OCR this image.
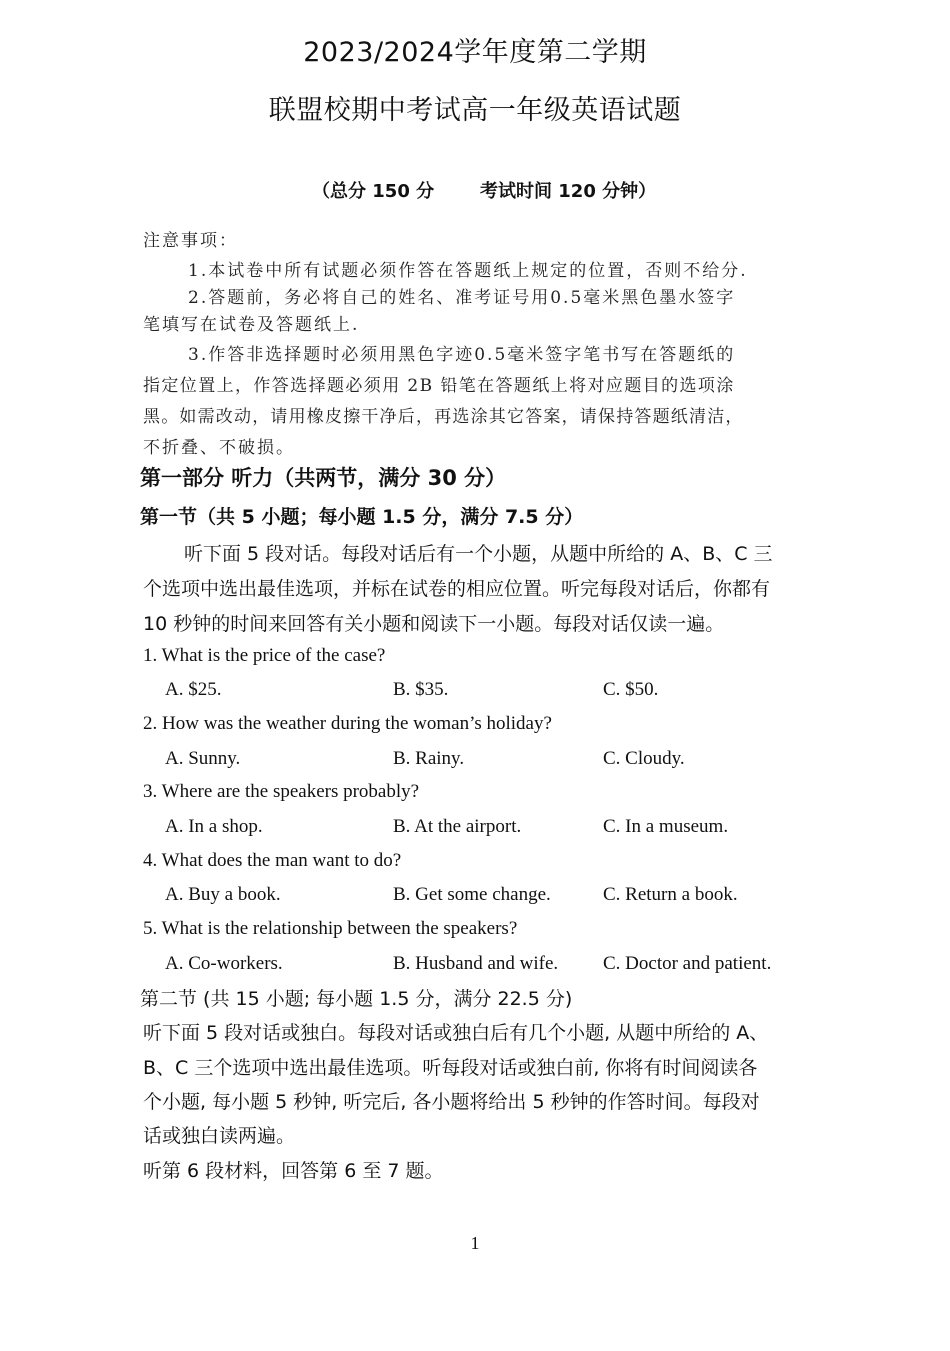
2023/2024学年度第二学期
联盟校期中考试高一年级英语试题
（总分 150 分	考试时间 120 分钟）
注意事项：
1.本试卷中所有试题必须作答在答题纸上规定的位置，否则不给分.
2.答题前，务必将自己的姓名、准考证号用0.5毫米黑色墨水签字
笔填写在试卷及答题纸上.
3.作答非选择题时必须用黑色字迹0.5毫米签字笔书写在答题纸的
指定位置上，作答选择题必须用 2B 铅笔在答题纸上将对应题目的选项涂
黑。如需改动，请用橡皮擦干净后，再选涂其它答案，请保持答题纸清洁，
不折叠、不破损。
第一部分 听力（共两节，满分 30 分）
第一节（共 5 小题；每小题 1.5 分，满分 7.5 分）
听下面 5 段对话。每段对话后有一个小题，从题中所给的 A、B、C 三
个选项中选出最佳选项，并标在试卷的相应位置。听完每段对话后，你都有
10 秒钟的时间来回答有关小题和阅读下一小题。每段对话仅读一遍。
1. What is the price of the case?
A. $25.	B. $35.	C. $50.
2. How was the weather during the woman’s holiday?
A. Sunny.	B. Rainy.	C. Cloudy.
3. Where are the speakers probably?
A. In a shop.	B. At the airport.	C. In a museum.
4. What does the man want to do?
A. Buy a book.	B. Get some change.	C. Return a book.
5. What is the relationship between the speakers?
A. Co-workers.	B. Husband and wife. C. Doctor and patient.
第二节 (共 15 小题; 每小题 1.5 分，满分 22.5 分)
听下面 5 段对话或独白。每段对话或独白后有几个小题, 从题中所给的 A、
B、C 三个选项中选出最佳选项。听每段对话或独白前, 你将有时间阅读各
个小题, 每小题 5 秒钟, 听完后, 各小题将给出 5 秒钟的作答时间。每段对
话或独白读两遍。
听第 6 段材料，回答第 6 至 7 题。
1
